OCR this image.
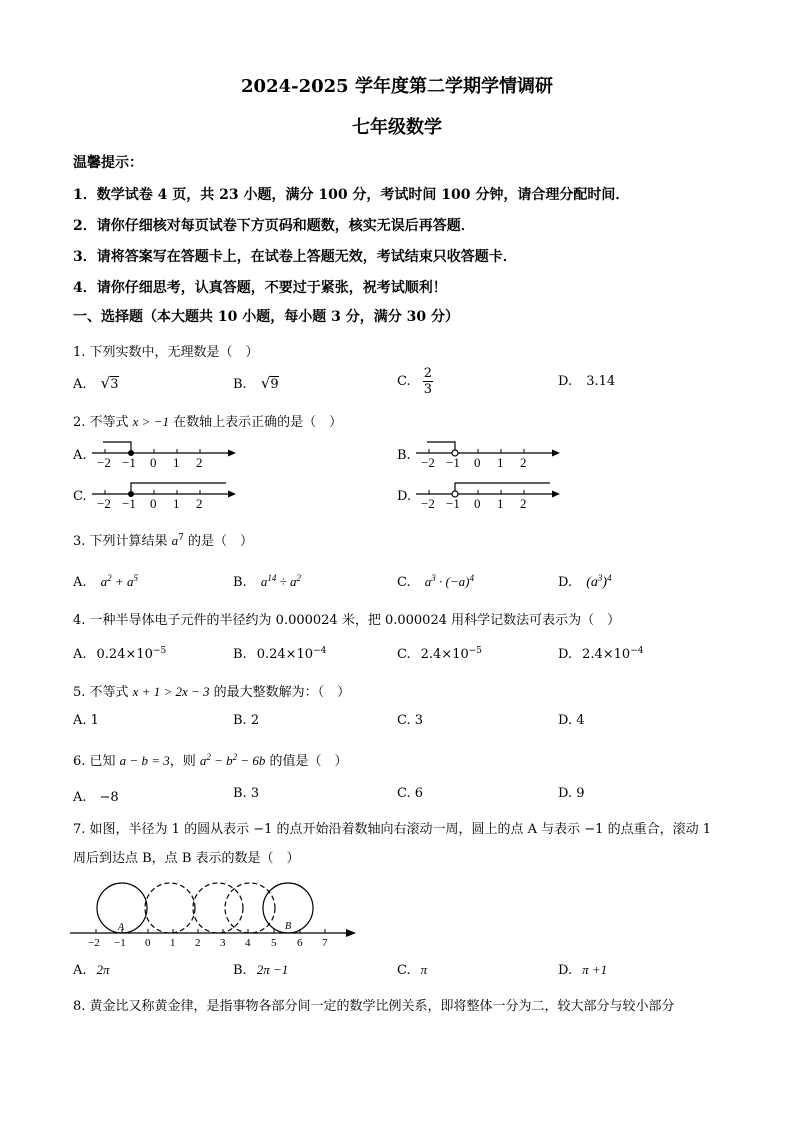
2024-2025 学年度第二学期学情调研
七年级数学
温馨提示：
1．数学试卷 4 页，共 23 小题，满分 100 分，考试时间 100 分钟，请合理分配时间．
2．请你仔细核对每页试卷下方页码和题数，核实无误后再答题．
3．请将答案写在答题卡上，在试卷上答题无效，考试结束只收答题卡．
4．请你仔细思考，认真答题，不要过于紧张，祝考试顺利！
一、选择题（本大题共 10 小题，每小题 3 分，满分 30 分）
1. 下列实数中，无理数是（　）
A. √3	B. √9	C. $\frac{2}{3}$	D. 3.14
2. 不等式 x > −1 在数轴上表示正确的是（　）
A. −2 −1 0 1 2	B. −2 −1 0 1 2
C. −2 −1 0 1 2	D. −2 −1 0 1 2
3. 下列计算结果 $a^7$ 的是（　）
A. $a^2 + a^5$	B. $a^{14} \div a^2$	C. $a^3 \cdot (-a)^4$	D. $(a^3)^4$
4. 一种半导体电子元件的半径约为 0.000024 米，把 0.000024 用科学记数法可表示为（　）
A. $0.24\times 10^{-5}$	B. $0.24\times 10^{-4}$	C. $2.4\times 10^{-5}$	D. $2.4\times 10^{-4}$
5. 不等式 x + 1 > 2x − 3 的最大整数解为：（　）
A. 1	B. 2	C. 3	D. 4
6. 已知 a − b = 3，则 $a^2 - b^2 - 6b$ 的值是（　）
A.　−8	B. 3	C. 6	D. 9
7. 如图，半径为 1 的圆从表示 −1 的点开始沿着数轴向右滚动一周，圆上的点 A 与表示 −1 的点重合，滚动 1
周后到达点 B，点 B 表示的数是（　）
A	B
−2 −1 0 1 2 3 4 5 6 7
A. 2π	B. 2π −1	C. π	D. π +1
8. 黄金比又称黄金律，是指事物各部分间一定的数学比例关系，即将整体一分为二，较大部分与较小部分
